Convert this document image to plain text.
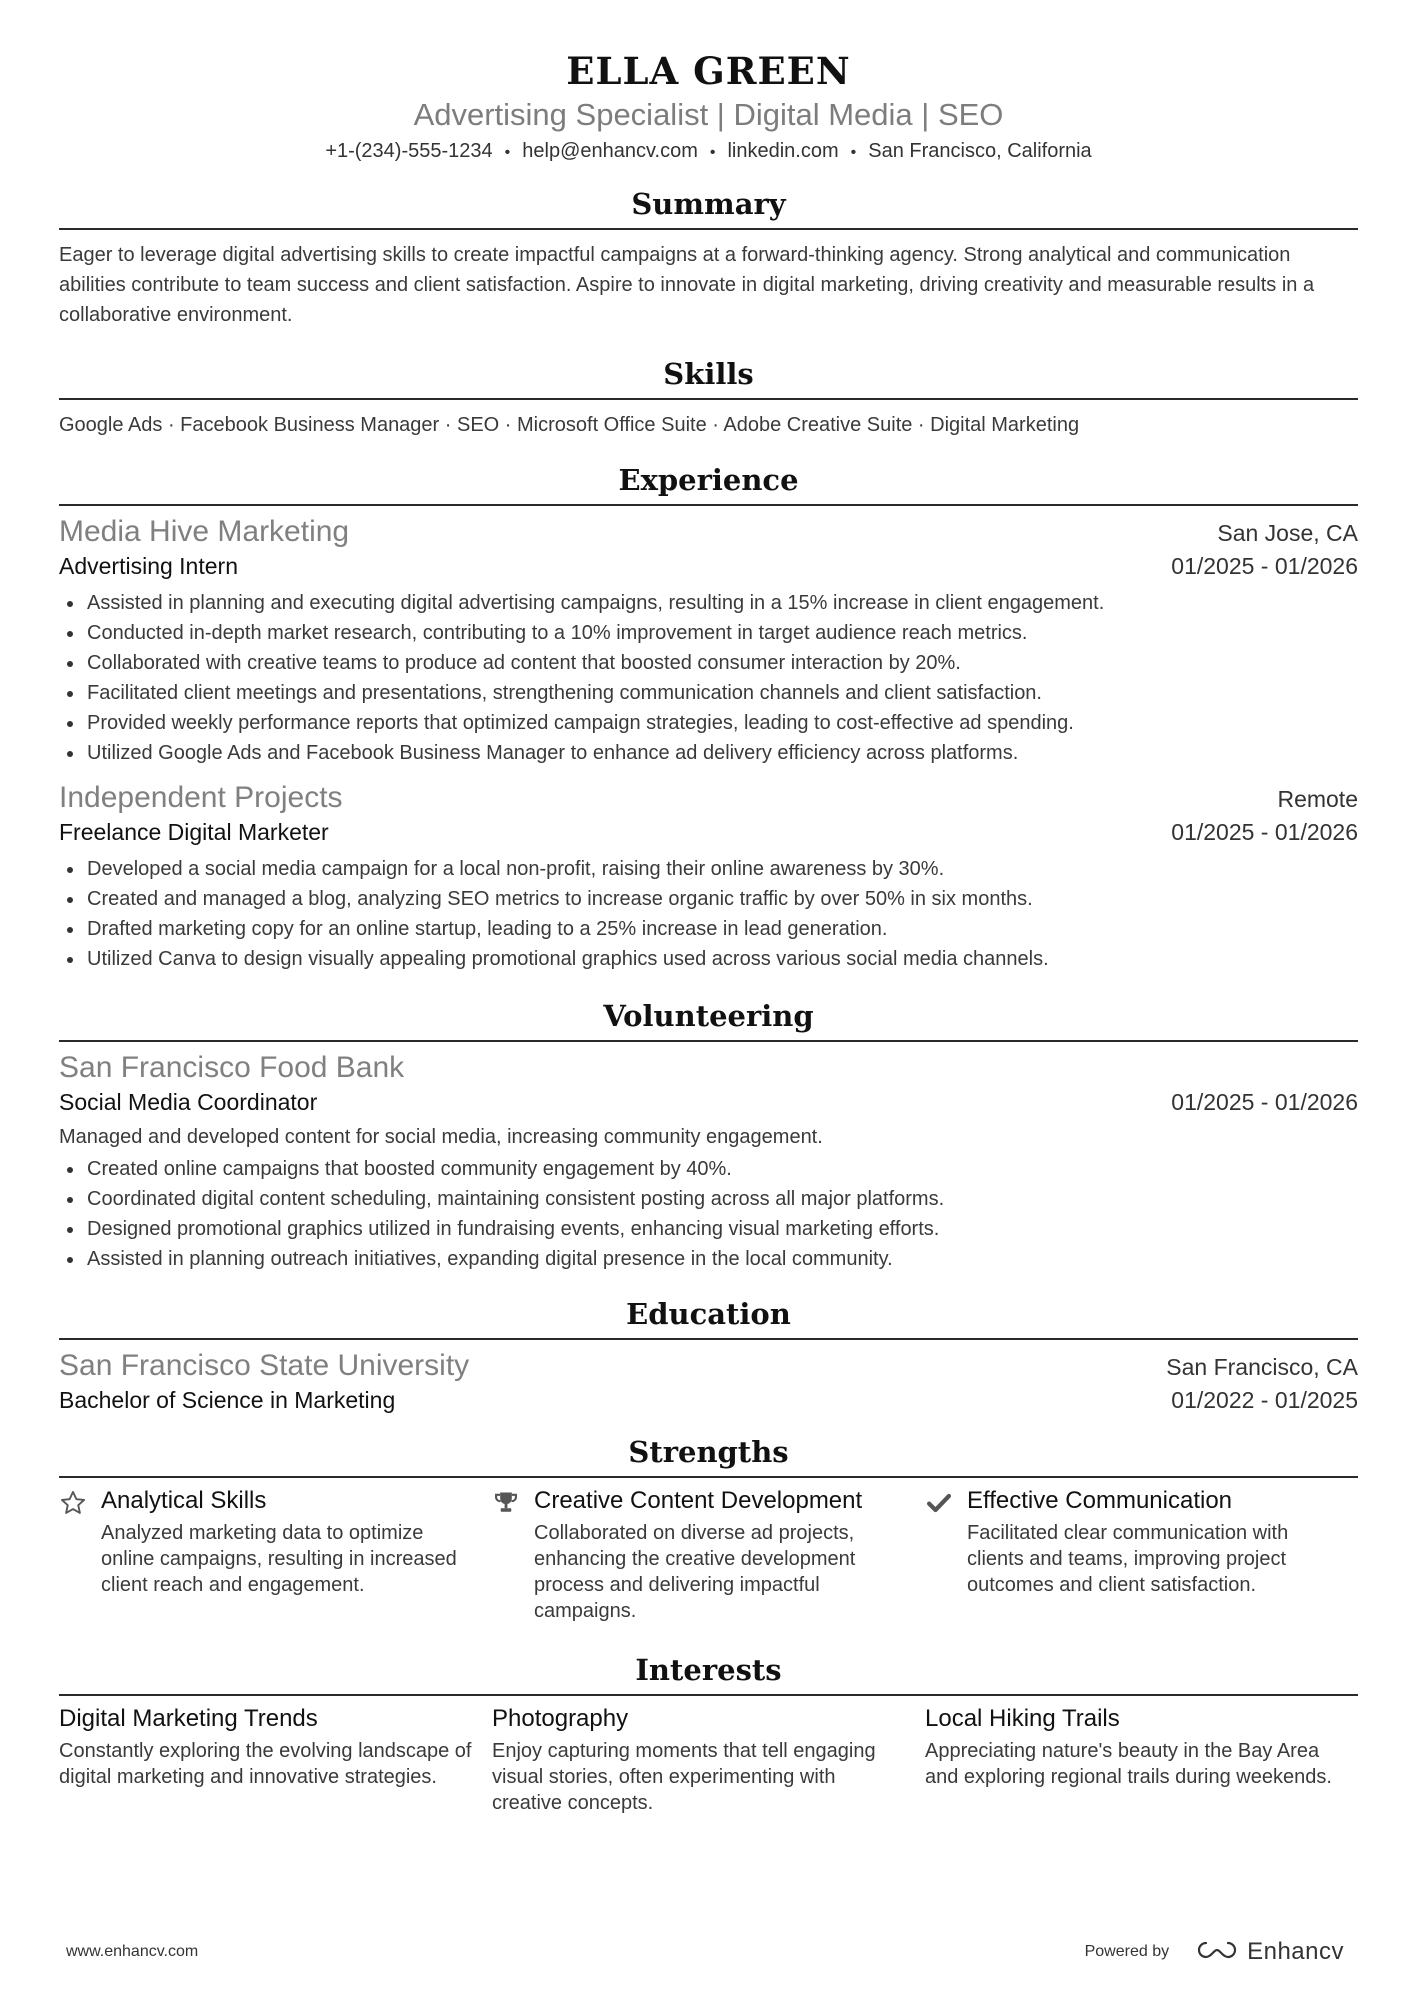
ELLA GREEN
Advertising Specialist | Digital Media | SEO
+1-(234)-555-1234 • help@enhancv.com • linkedin.com • San Francisco, California
Summary
Eager to leverage digital advertising skills to create impactful campaigns at a forward-thinking agency. Strong analytical and communication abilities contribute to team success and client satisfaction. Aspire to innovate in digital marketing, driving creativity and measurable results in a collaborative environment.
Skills
Google Ads · Facebook Business Manager · SEO · Microsoft Office Suite · Adobe Creative Suite · Digital Marketing
Experience
Media Hive Marketing	San Jose, CA
Advertising Intern	01/2025 - 01/2026
Assisted in planning and executing digital advertising campaigns, resulting in a 15% increase in client engagement.
Conducted in-depth market research, contributing to a 10% improvement in target audience reach metrics.
Collaborated with creative teams to produce ad content that boosted consumer interaction by 20%.
Facilitated client meetings and presentations, strengthening communication channels and client satisfaction.
Provided weekly performance reports that optimized campaign strategies, leading to cost-effective ad spending.
Utilized Google Ads and Facebook Business Manager to enhance ad delivery efficiency across platforms.
Independent Projects	Remote
Freelance Digital Marketer	01/2025 - 01/2026
Developed a social media campaign for a local non-profit, raising their online awareness by 30%.
Created and managed a blog, analyzing SEO metrics to increase organic traffic by over 50% in six months.
Drafted marketing copy for an online startup, leading to a 25% increase in lead generation.
Utilized Canva to design visually appealing promotional graphics used across various social media channels.
Volunteering
San Francisco Food Bank
Social Media Coordinator	01/2025 - 01/2026
Managed and developed content for social media, increasing community engagement.
Created online campaigns that boosted community engagement by 40%.
Coordinated digital content scheduling, maintaining consistent posting across all major platforms.
Designed promotional graphics utilized in fundraising events, enhancing visual marketing efforts.
Assisted in planning outreach initiatives, expanding digital presence in the local community.
Education
San Francisco State University	San Francisco, CA
Bachelor of Science in Marketing	01/2022 - 01/2025
Strengths
Analytical Skills
Analyzed marketing data to optimize online campaigns, resulting in increased client reach and engagement.
Creative Content Development
Collaborated on diverse ad projects, enhancing the creative development process and delivering impactful campaigns.
Effective Communication
Facilitated clear communication with clients and teams, improving project outcomes and client satisfaction.
Interests
Digital Marketing Trends
Constantly exploring the evolving landscape of digital marketing and innovative strategies.
Photography
Enjoy capturing moments that tell engaging visual stories, often experimenting with creative concepts.
Local Hiking Trails
Appreciating nature's beauty in the Bay Area and exploring regional trails during weekends.
www.enhancv.com	Powered by	Enhancv
